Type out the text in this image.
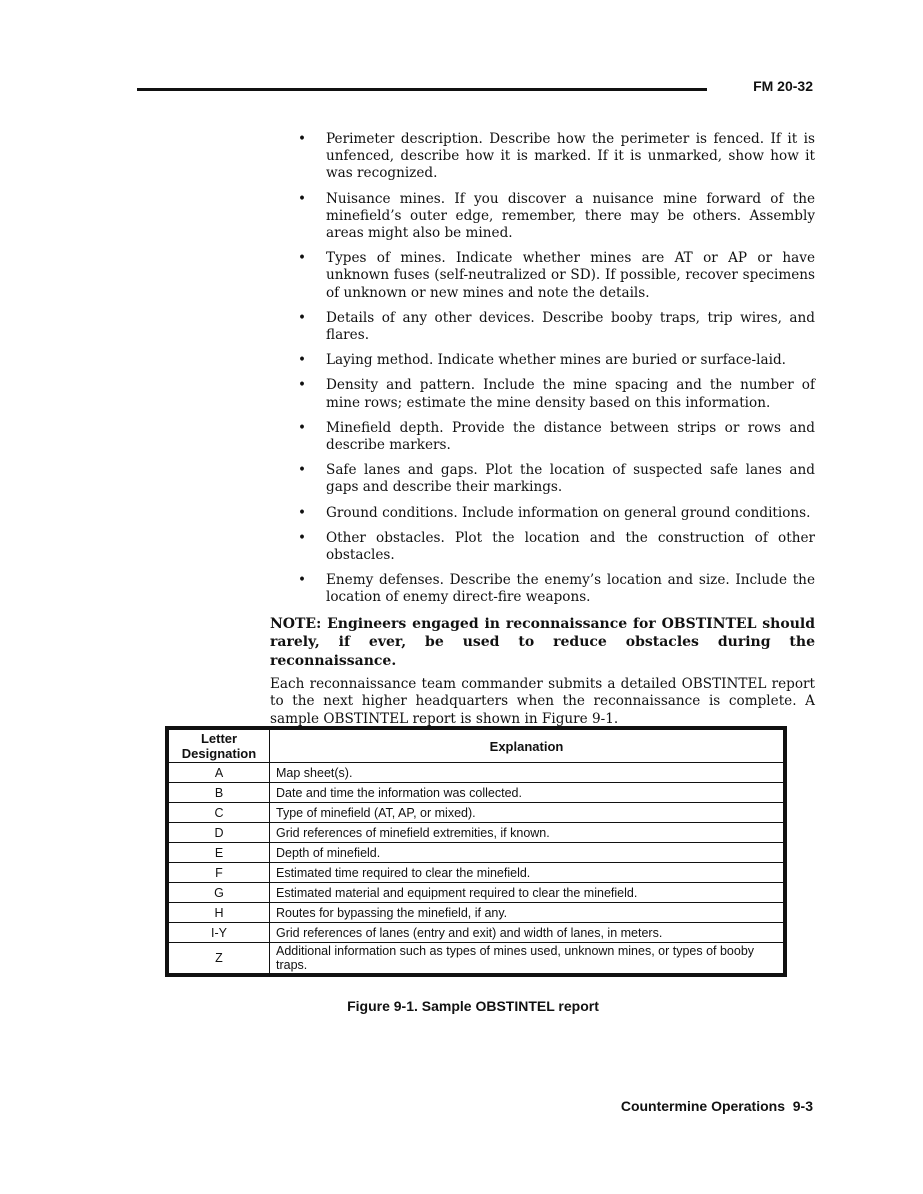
FM 20-32
• Perimeter description. Describe how the perimeter is fenced. If it is unfenced, describe how it is marked. If it is unmarked, show how it was recognized.
• Nuisance mines. If you discover a nuisance mine forward of the minefield’s outer edge, remember, there may be others. Assembly areas might also be mined.
• Types of mines. Indicate whether mines are AT or AP or have unknown fuses (self-neutralized or SD). If possible, recover specimens of unknown or new mines and note the details.
• Details of any other devices. Describe booby traps, trip wires, and flares.
• Laying method. Indicate whether mines are buried or surface-laid.
• Density and pattern. Include the mine spacing and the number of mine rows; estimate the mine density based on this information.
• Minefield depth. Provide the distance between strips or rows and describe markers.
• Safe lanes and gaps. Plot the location of suspected safe lanes and gaps and describe their markings.
• Ground conditions. Include information on general ground conditions.
• Other obstacles. Plot the location and the construction of other obstacles.
• Enemy defenses. Describe the enemy’s location and size. Include the location of enemy direct-fire weapons.
NOTE: Engineers engaged in reconnaissance for OBSTINTEL should rarely, if ever, be used to reduce obstacles during the reconnaissance.
Each reconnaissance team commander submits a detailed OBSTINTEL report to the next higher headquarters when the reconnaissance is complete. A sample OBSTINTEL report is shown in Figure 9-1.
Letter Designation	Explanation
A	Map sheet(s).
B	Date and time the information was collected.
C	Type of minefield (AT, AP, or mixed).
D	Grid references of minefield extremities, if known.
E	Depth of minefield.
F	Estimated time required to clear the minefield.
G	Estimated material and equipment required to clear the minefield.
H	Routes for bypassing the minefield, if any.
I-Y	Grid references of lanes (entry and exit) and width of lanes, in meters.
Z	Additional information such as types of mines used, unknown mines, or types of booby traps.
Figure 9-1. Sample OBSTINTEL report
Countermine Operations 9-3
